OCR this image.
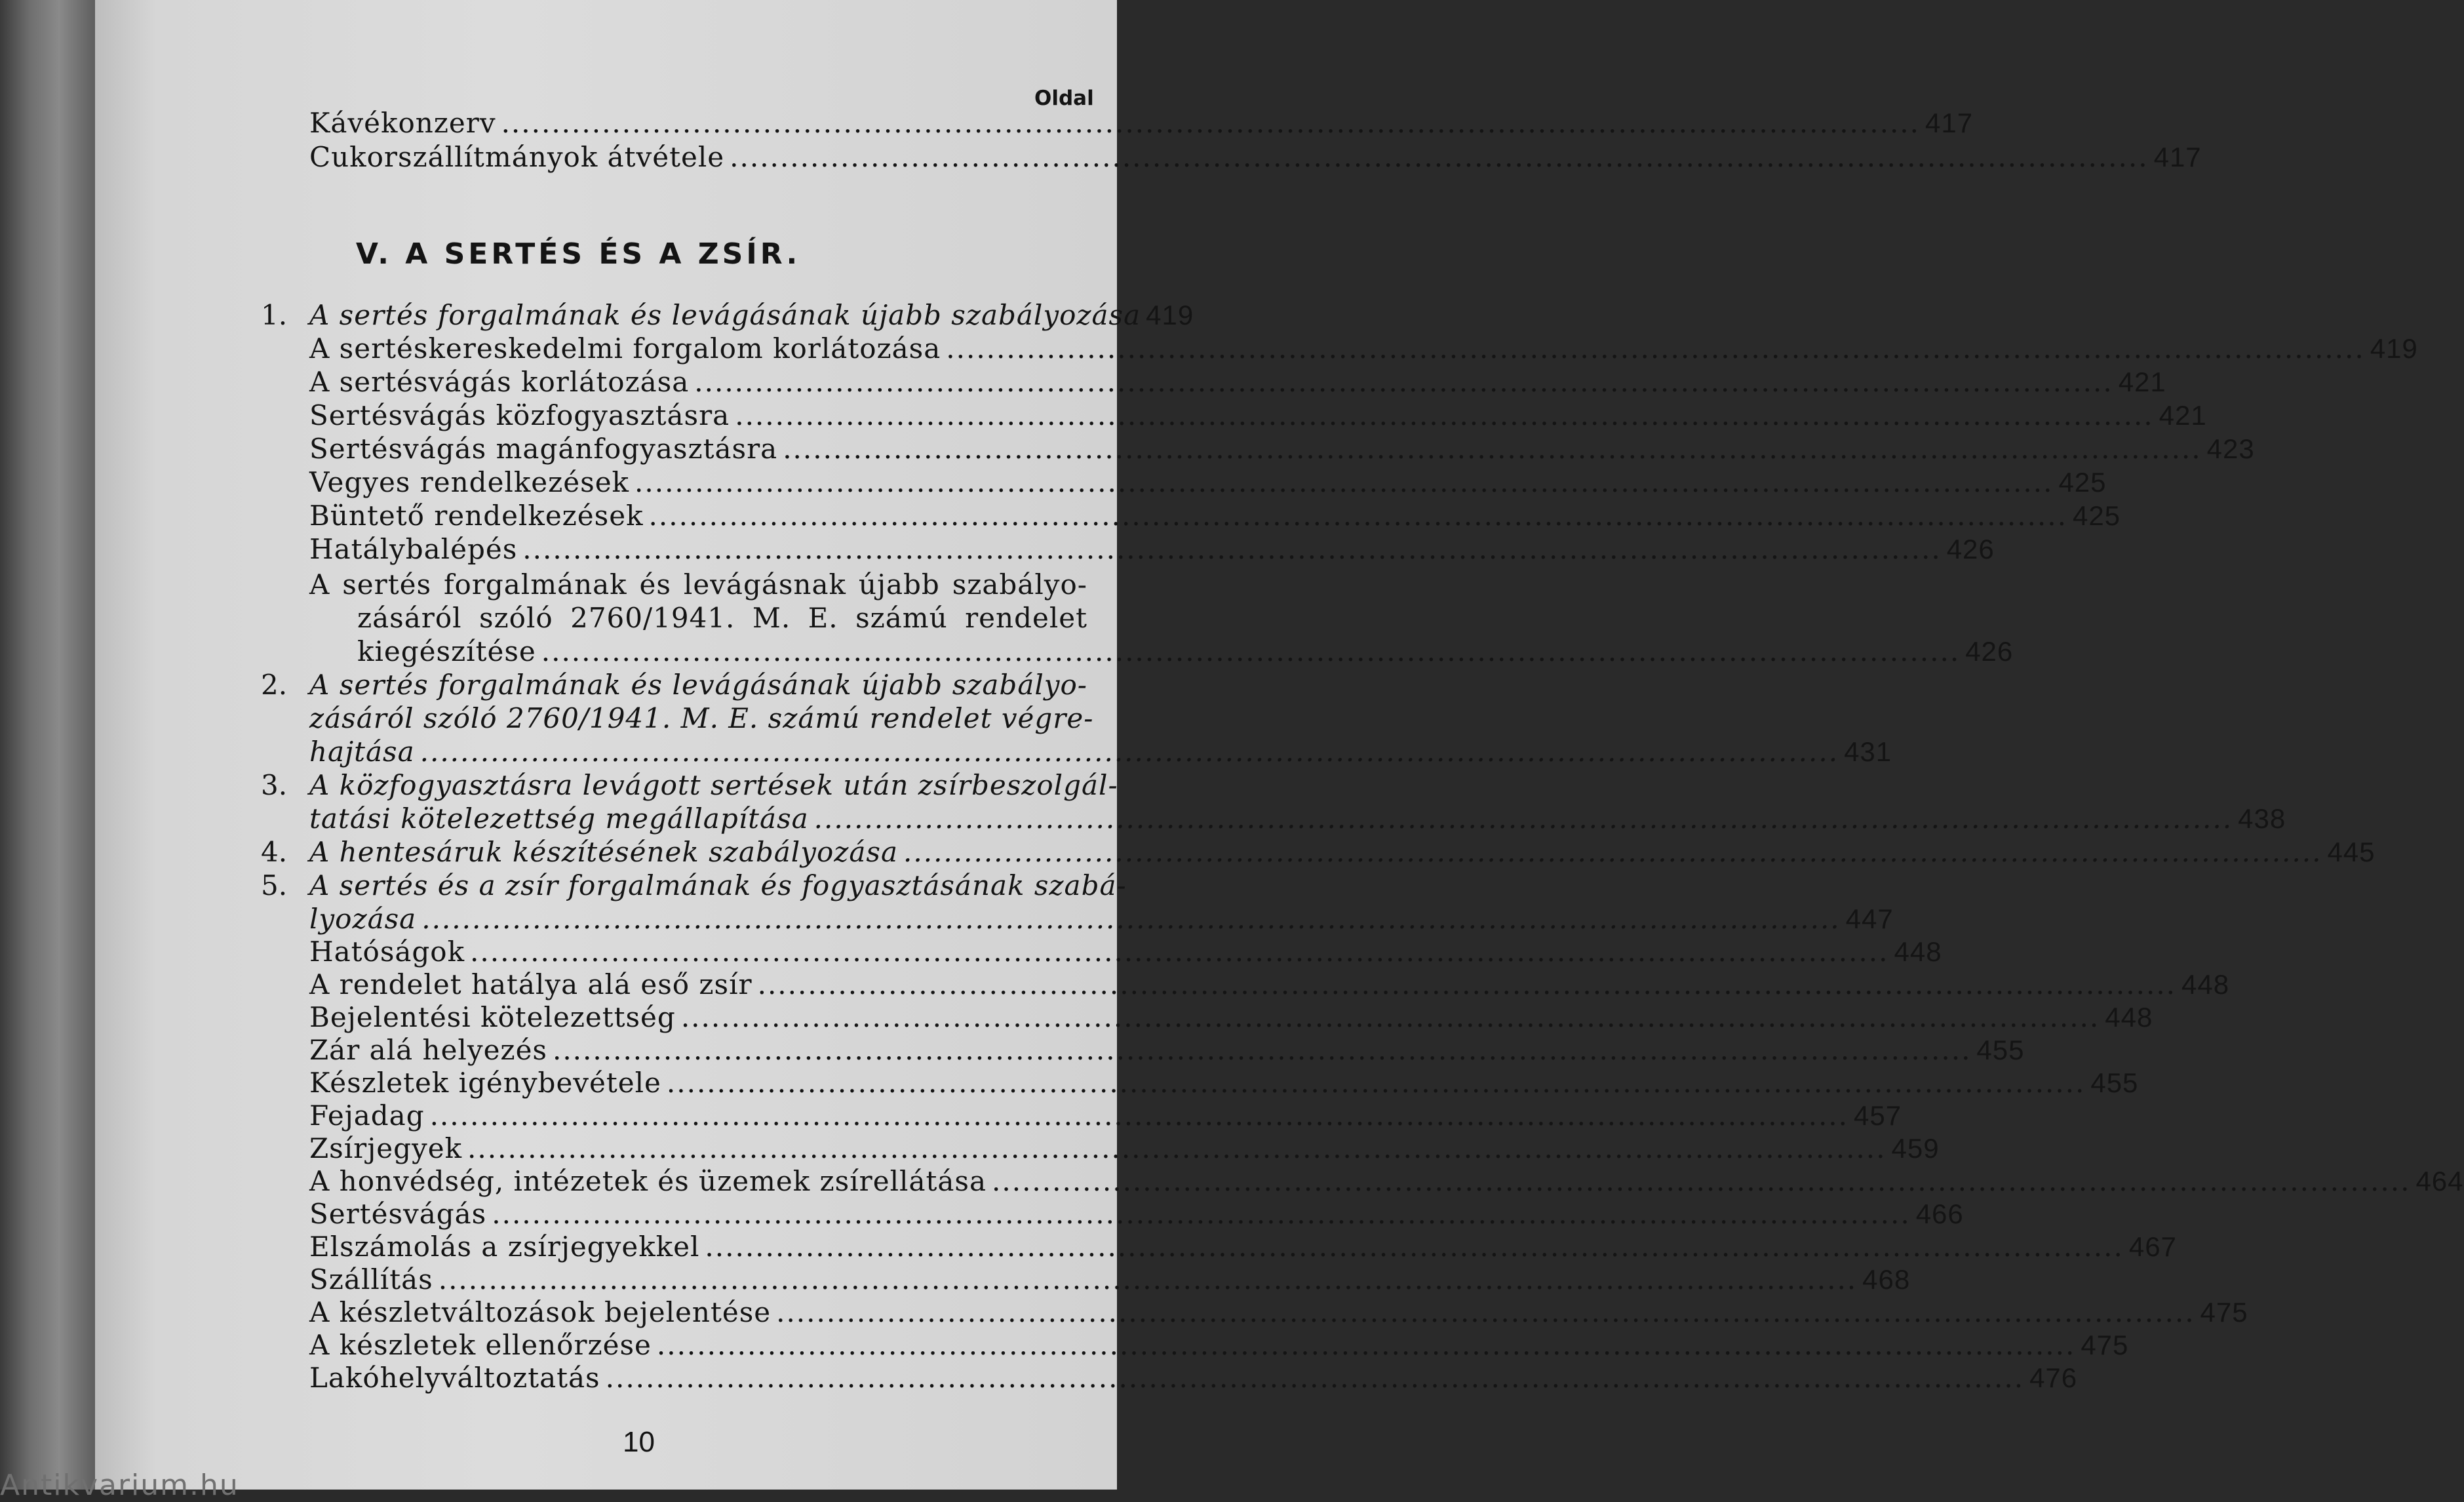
Oldal
Kávékonzerv .....	417
Cukorszállítmányok átvétele .....	417
V. A SERTÉS ÉS A ZSÍR.
1. A sertés forgalmának és levágásának újabb szabályozása 419
A sertéskereskedelmi forgalom korlátozása .....	419
A sertésvágás korlátozása .....	421
Sertésvágás közfogyasztásra .....	421
Sertésvágás magánfogyasztásra .....	423
Vegyes rendelkezések .....	425
Büntető rendelkezések .....	425
Hatálybalépés .....	426
A sertés forgalmának és levágásnak újabb szabályo-
zásáról szóló 2760/1941. M. E. számú rendelet
kiegészítése .....	426
2. A sertés forgalmának és levágásának újabb szabályo-
zásáról szóló 2760/1941. M. E. számú rendelet végre-
hajtása .....	431
3. A közfogyasztásra levágott sertések után zsírbeszolgál-
tatási kötelezettség megállapítása .....	438
4. A hentesáruk készítésének szabályozása .....	445
5. A sertés és a zsír forgalmának és fogyasztásának szabá-
lyozása .....	447
Hatóságok .....	448
A rendelet hatálya alá eső zsír .....	448
Bejelentési kötelezettség .....	448
Zár alá helyezés .....	455
Készletek igénybevétele .....	455
Fejadag .....	457
Zsírjegyek .....	459
A honvédség, intézetek és üzemek zsírellátása .....	464
Sertésvágás .....	466
Elszámolás a zsírjegyekkel .....	467
Szállítás .....	468
A készletváltozások bejelentése .....	475
A készletek ellenőrzése .....	475
Lakóhelyváltoztatás .....	476
10
Antikvarium.hu
